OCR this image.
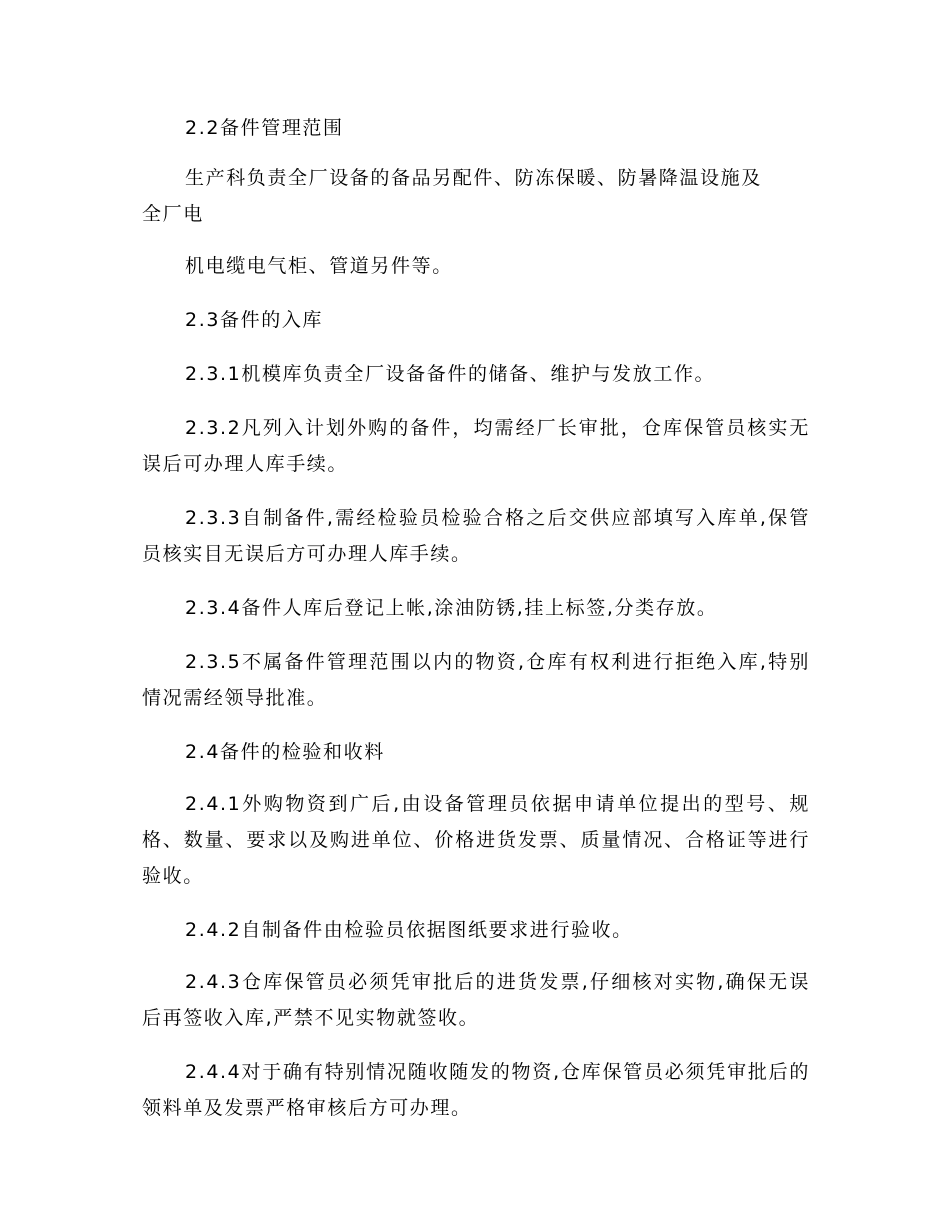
2.2备件管理范围

生产科负责全厂设备的备品另配件、防冻保暖、防暑降温设施及

全厂电

机电缆电气柜、管道另件等。

2.3备件的入库

2.3.1机模库负责全厂设备备件的储备、维护与发放工作。

2.3.2凡列入计划外购的备件，均需经厂长审批，仓库保管员核实无误后可办理人库手续。

2.3.3自制备件,需经检验员检验合格之后交供应部填写入库单,保管员核实目无误后方可办理人库手续。

2.3.4备件人库后登记上帐,涂油防锈,挂上标签,分类存放。

2.3.5不属备件管理范围以内的物资,仓库有权利进行拒绝入库,特别情况需经领导批准。

2.4备件的检验和收料

2.4.1外购物资到广后,由设备管理员依据申请单位提出的型号、规格、数量、要求以及购进单位、价格进货发票、质量情况、合格证等进行验收。

2.4.2自制备件由检验员依据图纸要求进行验收。

2.4.3仓库保管员必须凭审批后的进货发票,仔细核对实物,确保无误后再签收入库,严禁不见实物就签收。

2.4.4对于确有特别情况随收随发的物资,仓库保管员必须凭审批后的领料单及发票严格审核后方可办理。
